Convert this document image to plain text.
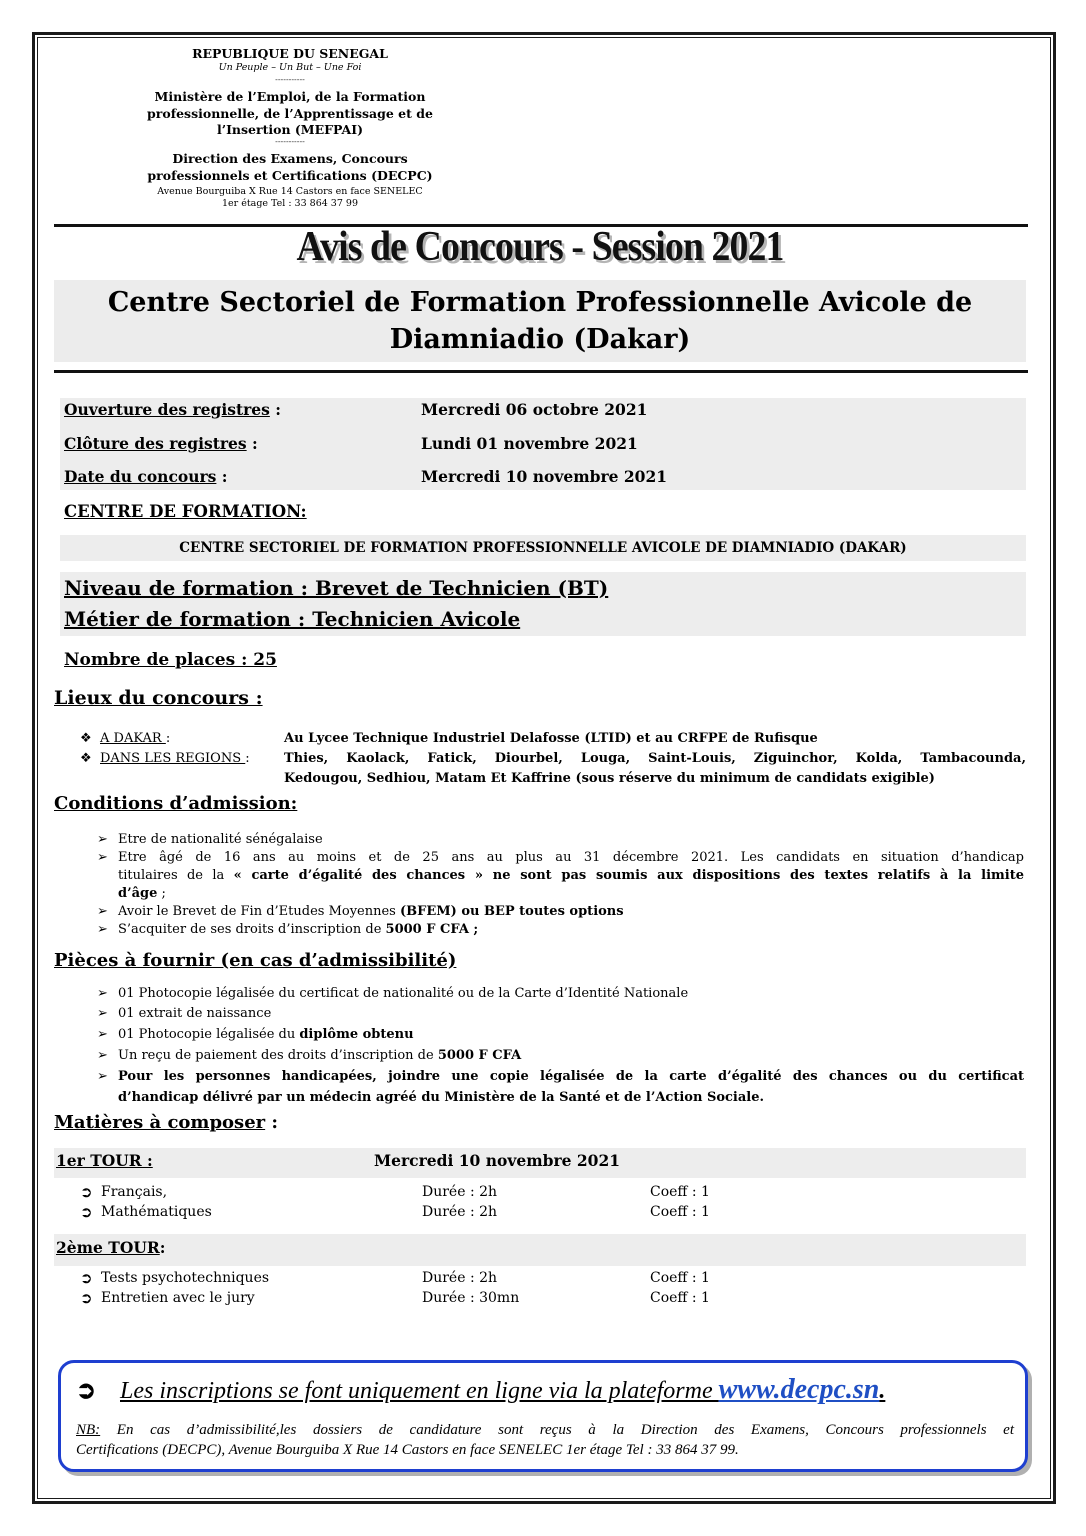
REPUBLIQUE DU SENEGAL
Un Peuple – Un But – Une Foi
-----------
Ministère de l’Emploi, de la Formation
professionnelle, de l’Apprentissage et de
l’Insertion (MEFPAI)
-----------
Direction des Examens, Concours
professionnels et Certifications (DECPC)
Avenue Bourguiba X Rue 14 Castors en face SENELEC
1er étage Tel : 33 864 37 99
Avis de Concours - Session 2021
Centre Sectoriel de Formation Professionnelle Avicole de
Diamniadio (Dakar)
Ouverture des registres :	Mercredi 06 octobre 2021
Clôture des registres :	Lundi 01 novembre 2021
Date du concours :	Mercredi 10 novembre 2021
CENTRE DE FORMATION:
CENTRE SECTORIEL DE FORMATION PROFESSIONNELLE AVICOLE DE DIAMNIADIO (DAKAR)
Niveau de formation : Brevet de Technicien (BT)
Métier de formation : Technicien Avicole
Nombre de places : 25
Lieux du concours :
❖ A DAKAR :	Au Lycee Technique Industriel Delafosse (LTID) et au CRFPE de Rufisque
❖ DANS LES REGIONS :	Thies, Kaolack, Fatick, Diourbel, Louga, Saint-Louis, Ziguinchor, Kolda, Tambacounda,
Kedougou, Sedhiou, Matam Et Kaffrine (sous réserve du minimum de candidats exigible)
Conditions d’admission:
➢ Etre de nationalité sénégalaise
➢ Etre âgé de 16 ans au moins et de 25 ans au plus au 31 décembre 2021. Les candidats en situation d’handicap
titulaires de la « carte d’égalité des chances » ne sont pas soumis aux dispositions des textes relatifs à la limite
d’âge ;
➢ Avoir le Brevet de Fin d’Etudes Moyennes (BFEM) ou BEP toutes options
➢ S’acquiter de ses droits d’inscription de 5000 F CFA ;
Pièces à fournir (en cas d’admissibilité)
➢ 01 Photocopie légalisée du certificat de nationalité ou de la Carte d’Identité Nationale
➢ 01 extrait de naissance
➢ 01 Photocopie légalisée du diplôme obtenu
➢ Un reçu de paiement des droits d’inscription de 5000 F CFA
➢ Pour les personnes handicapées, joindre une copie légalisée de la carte d’égalité des chances ou du certificat
d’handicap délivré par un médecin agréé du Ministère de la Santé et de l’Action Sociale.
Matières à composer :
1er TOUR :	Mercredi 10 novembre 2021
➲ Français,	Durée : 2h	Coeff : 1
➲ Mathématiques	Durée : 2h	Coeff : 1
2ème TOUR:
➲ Tests psychotechniques	Durée : 2h	Coeff : 1
➲ Entretien avec le jury	Durée : 30mn	Coeff : 1
➲ Les inscriptions se font uniquement en ligne via la plateforme www.decpc.sn.
NB: En cas d’admissibilité,les dossiers de candidature sont reçus à la Direction des Examens, Concours professionnels et
Certifications (DECPC), Avenue Bourguiba X Rue 14 Castors en face SENELEC 1er étage Tel : 33 864 37 99.
